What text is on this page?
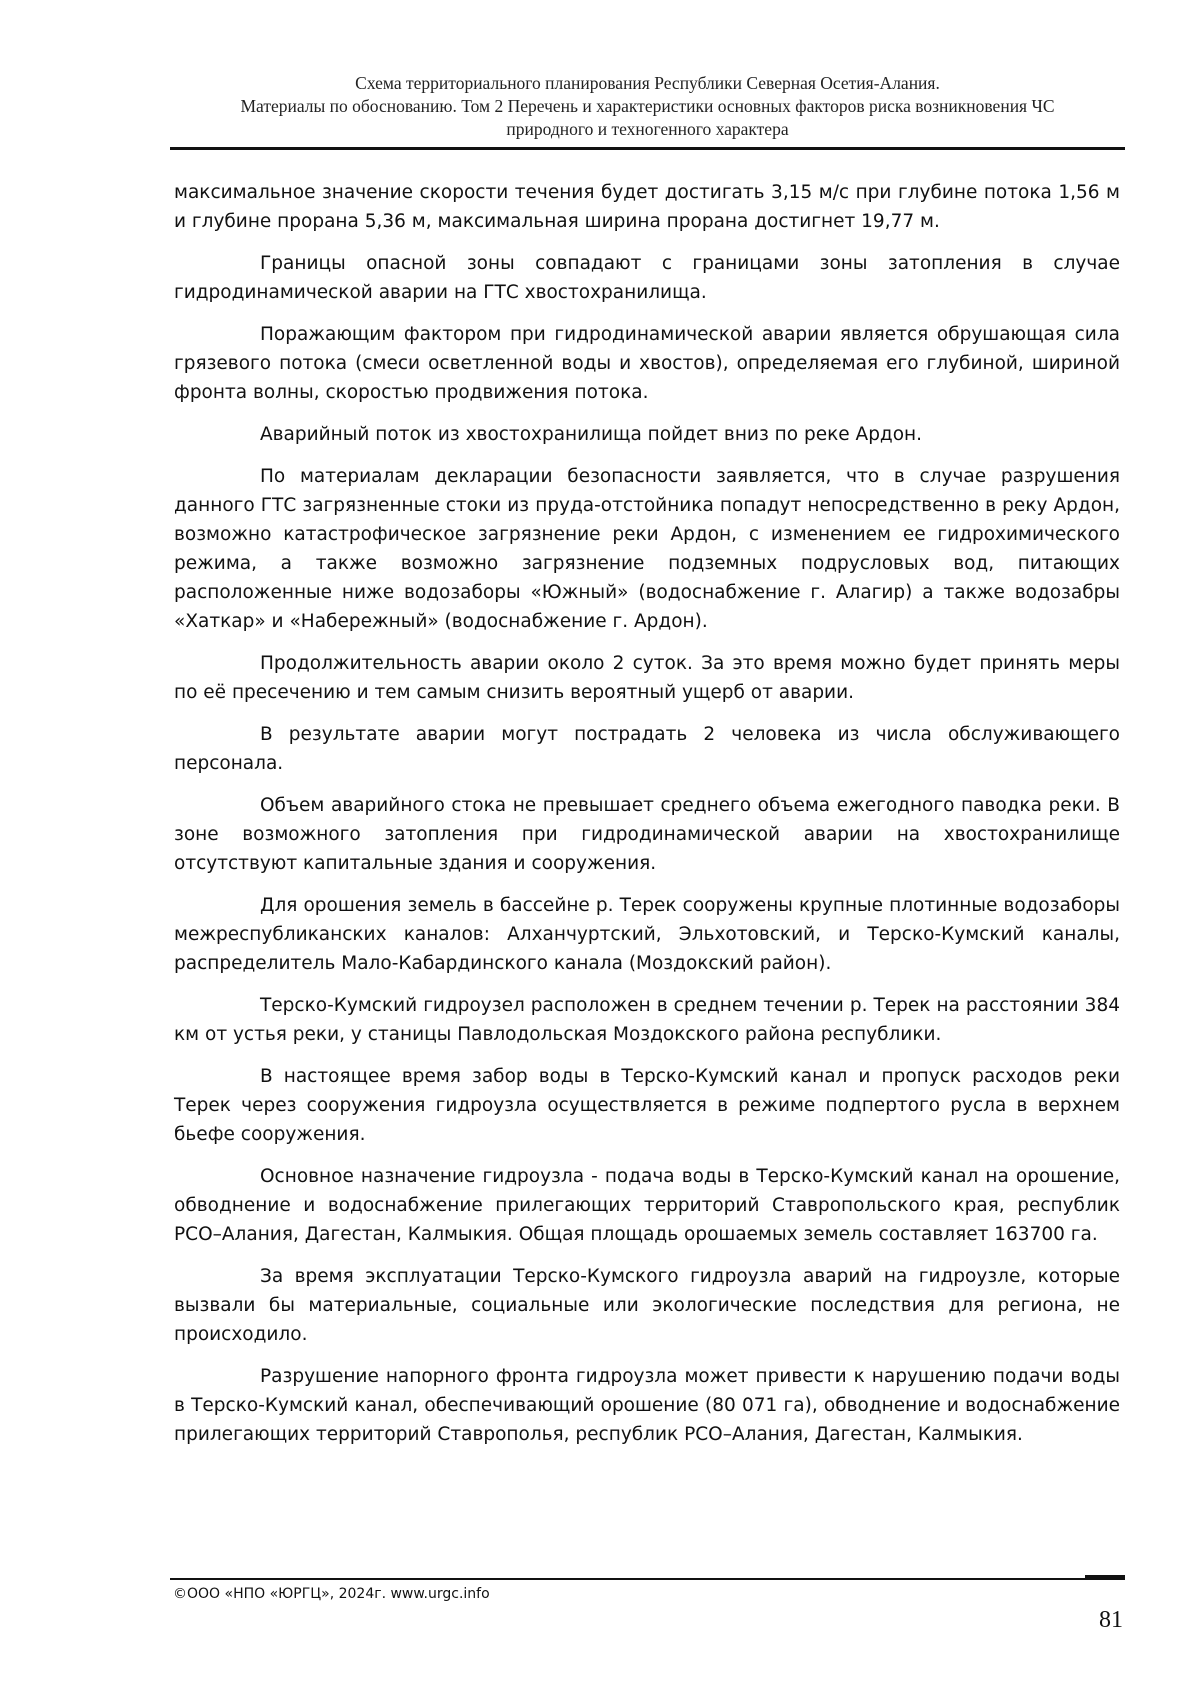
Схема территориального планирования Республики Северная Осетия-Алания.
Материалы по обоснованию. Том 2 Перечень и характеристики основных факторов риска возникновения ЧС
природного и техногенного характера

максимальное значение скорости течения будет достигать 3,15 м/с при глубине потока 1,56 м и глубине прорана 5,36 м, максимальная ширина прорана достигнет 19,77 м.

Границы опасной зоны совпадают с границами зоны затопления в случае гидродинамической аварии на ГТС хвостохранилища.

Поражающим фактором при гидродинамической аварии является обрушающая сила грязевого потока (смеси осветленной воды и хвостов), определяемая его глубиной, шириной фронта волны, скоростью продвижения потока.

Аварийный поток из хвостохранилища пойдет вниз по реке Ардон.

По материалам декларации безопасности заявляется, что в случае разрушения данного ГТС загрязненные стоки из пруда-отстойника попадут непосредственно в реку Ардон, возможно катастрофическое загрязнение реки Ардон, с изменением ее гидрохимического режима, а также возможно загрязнение подземных подрусловых вод, питающих расположенные ниже водозаборы «Южный» (водоснабжение г. Алагир) а также водозабры «Хаткар» и «Набережный» (водоснабжение г. Ардон).

Продолжительность аварии около 2 суток. За это время можно будет принять меры по её пресечению и тем самым снизить вероятный ущерб от аварии.

В результате аварии могут пострадать 2 человека из числа обслуживающего персонала.

Объем аварийного стока не превышает среднего объема ежегодного паводка реки. В зоне возможного затопления при гидродинамической аварии на хвостохранилище отсутствуют капитальные здания и сооружения.

Для орошения земель в бассейне р. Терек сооружены крупные плотинные водозаборы межреспубликанских каналов: Алханчуртский, Эльхотовский, и Терско-Кумский каналы, распределитель Мало-Кабардинского канала (Моздокский район).

Терско-Кумский гидроузел расположен в среднем течении р. Терек на расстоянии 384 км от устья реки, у станицы Павлодольская Моздокского района республики.

В настоящее время забор воды в Терско-Кумский канал и пропуск расходов реки Терек через сооружения гидроузла осуществляется в режиме подпертого русла в верхнем бьефе сооружения.

Основное назначение гидроузла - подача воды в Терско-Кумский канал на орошение, обводнение и водоснабжение прилегающих территорий Ставропольского края, республик РСО–Алания, Дагестан, Калмыкия. Общая площадь орошаемых земель составляет 163700 га.

За время эксплуатации Терско-Кумского гидроузла аварий на гидроузле, которые вызвали бы материальные, социальные или экологические последствия для региона, не происходило.

Разрушение напорного фронта гидроузла может привести к нарушению подачи воды в Терско-Кумский канал, обеспечивающий орошение (80 071 га), обводнение и водоснабжение прилегающих территорий Ставрополья, республик РСО–Алания, Дагестан, Калмыкия.

©ООО «НПО «ЮРГЦ», 2024г. www.urgc.info
81
